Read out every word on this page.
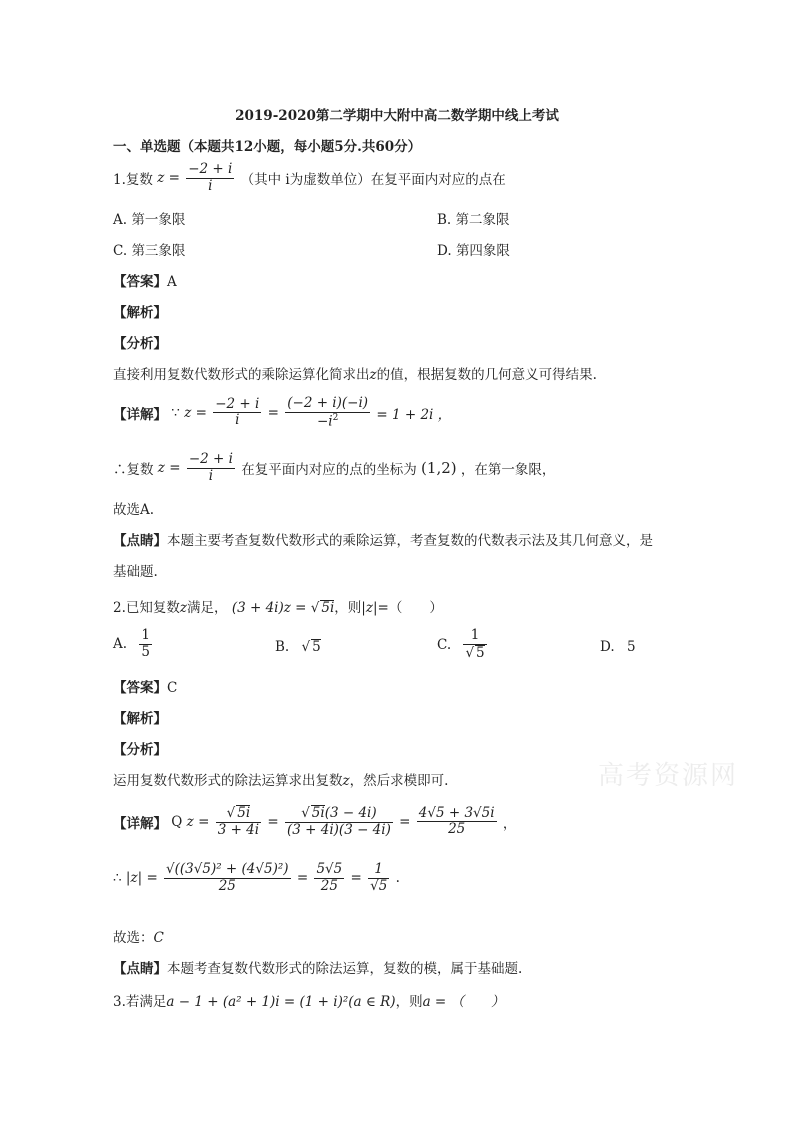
2019-2020第二学期中大附中高二数学期中线上考试
一、单选题（本题共12小题，每小题5分.共60分）
1.复数 $z = \frac{-2 + i}{i}$ （其中 i为虚数单位）在复平面内对应的点在
A. 第一象限	B. 第二象限
C. 第三象限	D. 第四象限
【答案】A
【解析】
【分析】
直接利用复数代数形式的乘除运算化简求出z的值，根据复数的几何意义可得结果.
【详解】 ∵ $z = \frac{-2 + i}{i} = \frac{(-2 + i)(-i)}{-i^2} = 1 + 2i$ ，
∴复数 $z = \frac{-2 + i}{i}$ 在复平面内对应的点的坐标为 (1,2) ，在第一象限，
故选A.
【点睛】本题主要考查复数代数形式的乘除运算，考查复数的代数表示法及其几何意义，是
基础题.
2.已知复数z满足， (3 + 4i)z = √ 5i，则|z|=（　　）
A. $\frac{1}{5}$	B. √ 5	C. $\frac{1}{√ 5}$	D. 5
【答案】C
【解析】
【分析】
运用复数代数形式的除法运算求出复数z，然后求模即可.
【详解】 Q $z = \frac{√ 5i}{3 + 4i} = \frac{√ 5i(3 - 4i)}{(3 + 4i)(3 - 4i)} = \frac{4√5 + 3√5i}{25}$ ，
∴ $|z| = \frac{\text{√((3√5)² + (4√5)²)}}{25} = \frac{5√5}{25} = \frac{1}{√5}$ .
故选：C
【点睛】本题考查复数代数形式的除法运算，复数的模，属于基础题.
3.若满足a − 1 + (a² + 1)i = (1 + i)²(a ∈ R)，则a = （　　）
高考资源网
